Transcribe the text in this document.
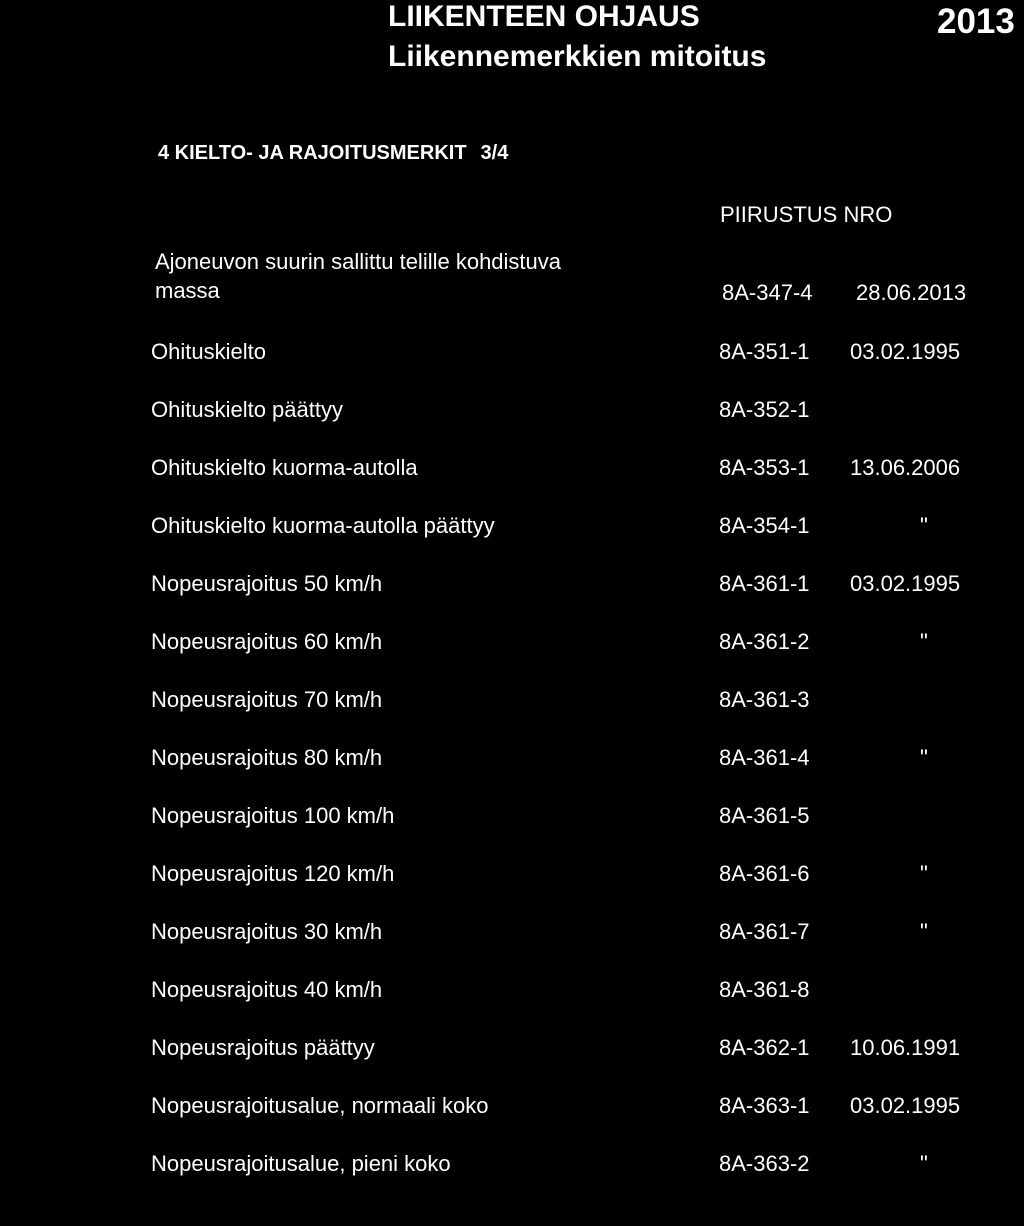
LIIKENTEEN OHJAUS
Liikennemerkkien mitoitus
2013
4 KIELTO- JA RAJOITUSMERKIT 3/4
PIIRUSTUS NRO
Ajoneuvon suurin sallittu telille kohdistuva
massa	8A-347-4 28.06.2013
Ohituskielto	8A-351-1 03.02.1995
Ohituskielto päättyy	8A-352-1
Ohituskielto kuorma-autolla	8A-353-1 13.06.2006
Ohituskielto kuorma-autolla päättyy	8A-354-1	"
Nopeusrajoitus 50 km/h	8A-361-1 03.02.1995
Nopeusrajoitus 60 km/h	8A-361-2	"
Nopeusrajoitus 70 km/h	8A-361-3
Nopeusrajoitus 80 km/h	8A-361-4	"
Nopeusrajoitus 100 km/h	8A-361-5
Nopeusrajoitus 120 km/h	8A-361-6	"
Nopeusrajoitus 30 km/h	8A-361-7	"
Nopeusrajoitus 40 km/h	8A-361-8
Nopeusrajoitus päättyy	8A-362-1 10.06.1991
Nopeusrajoitusalue, normaali koko	8A-363-1 03.02.1995
Nopeusrajoitusalue, pieni koko	8A-363-2	"
